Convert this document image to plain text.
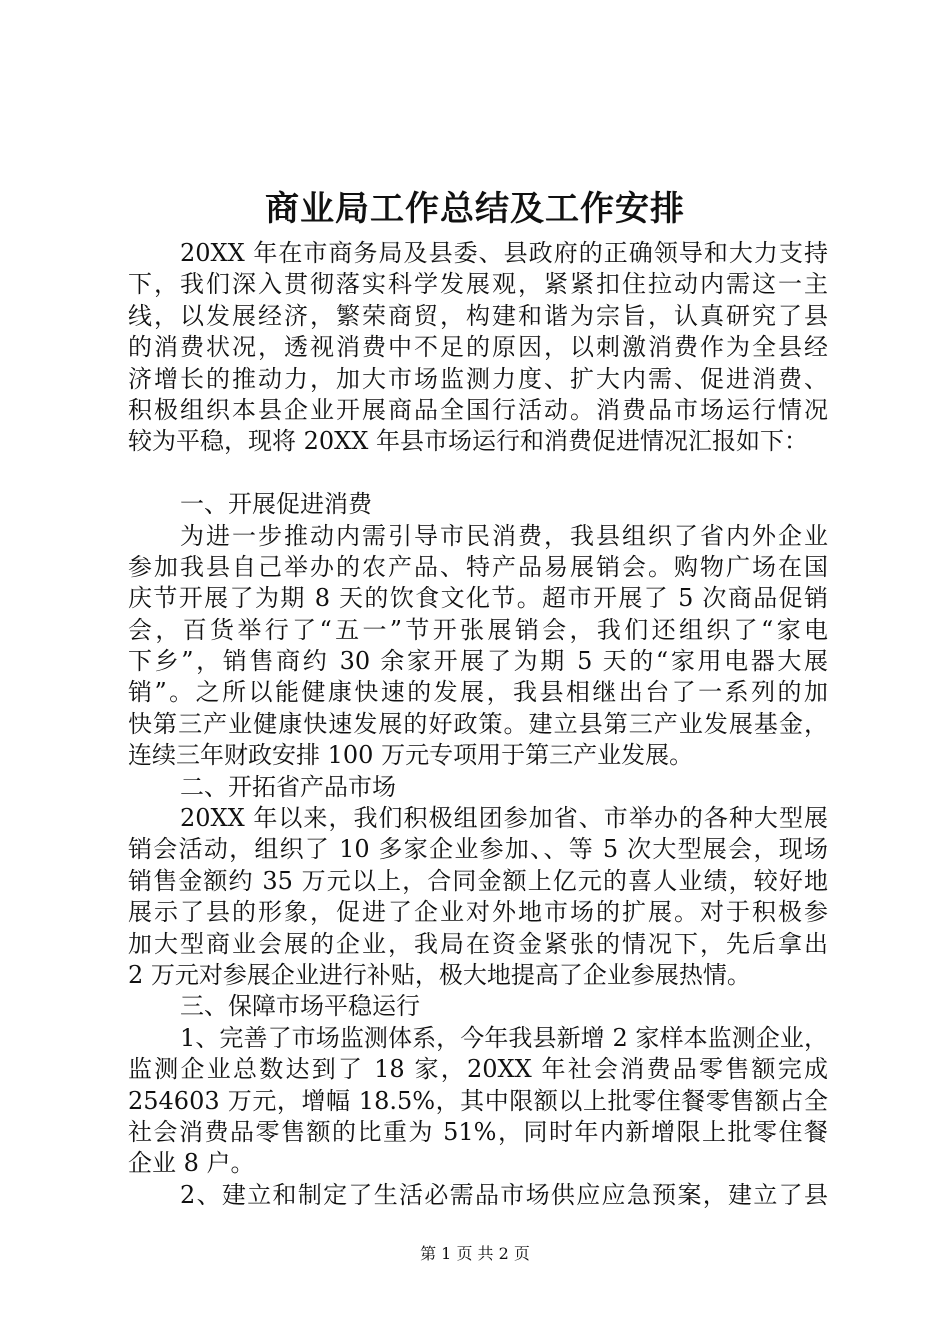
商业局工作总结及工作安排
20XX 年在市商务局及县委、县政府的正确领导和大力支持
下，我们深入贯彻落实科学发展观，紧紧扣住拉动内需这一主
线，以发展经济，繁荣商贸，构建和谐为宗旨，认真研究了县
的消费状况，透视消费中不足的原因，以刺激消费作为全县经
济增长的推动力，加大市场监测力度、扩大内需、促进消费、
积极组织本县企业开展商品全国行活动。消费品市场运行情况
较为平稳，现将 20XX 年县市场运行和消费促进情况汇报如下：
一、开展促进消费
为进一步推动内需引导市民消费，我县组织了省内外企业
参加我县自己举办的农产品、特产品易展销会。购物广场在国
庆节开展了为期 8 天的饮食文化节。超市开展了 5 次商品促销
会，百货举行了“五一”节开张展销会，我们还组织了“家电
下乡”，销售商约 30 余家开展了为期 5 天的“家用电器大展
销”。之所以能健康快速的发展，我县相继出台了一系列的加
快第三产业健康快速发展的好政策。建立县第三产业发展基金，
连续三年财政安排 100 万元专项用于第三产业发展。
二、开拓省产品市场
20XX 年以来，我们积极组团参加省、市举办的各种大型展
销会活动，组织了 10 多家企业参加、、等 5 次大型展会，现场
销售金额约 35 万元以上，合同金额上亿元的喜人业绩，较好地
展示了县的形象，促进了企业对外地市场的扩展。对于积极参
加大型商业会展的企业，我局在资金紧张的情况下，先后拿出
2 万元对参展企业进行补贴，极大地提高了企业参展热情。
三、保障市场平稳运行
1、完善了市场监测体系，今年我县新增 2 家样本监测企业，
监测企业总数达到了 18 家，20XX 年社会消费品零售额完成
254603 万元，增幅 18.5%，其中限额以上批零住餐零售额占全
社会消费品零售额的比重为 51%，同时年内新增限上批零住餐
企业 8 户。
2、建立和制定了生活必需品市场供应应急预案，建立了县
第 1 页 共 2 页
